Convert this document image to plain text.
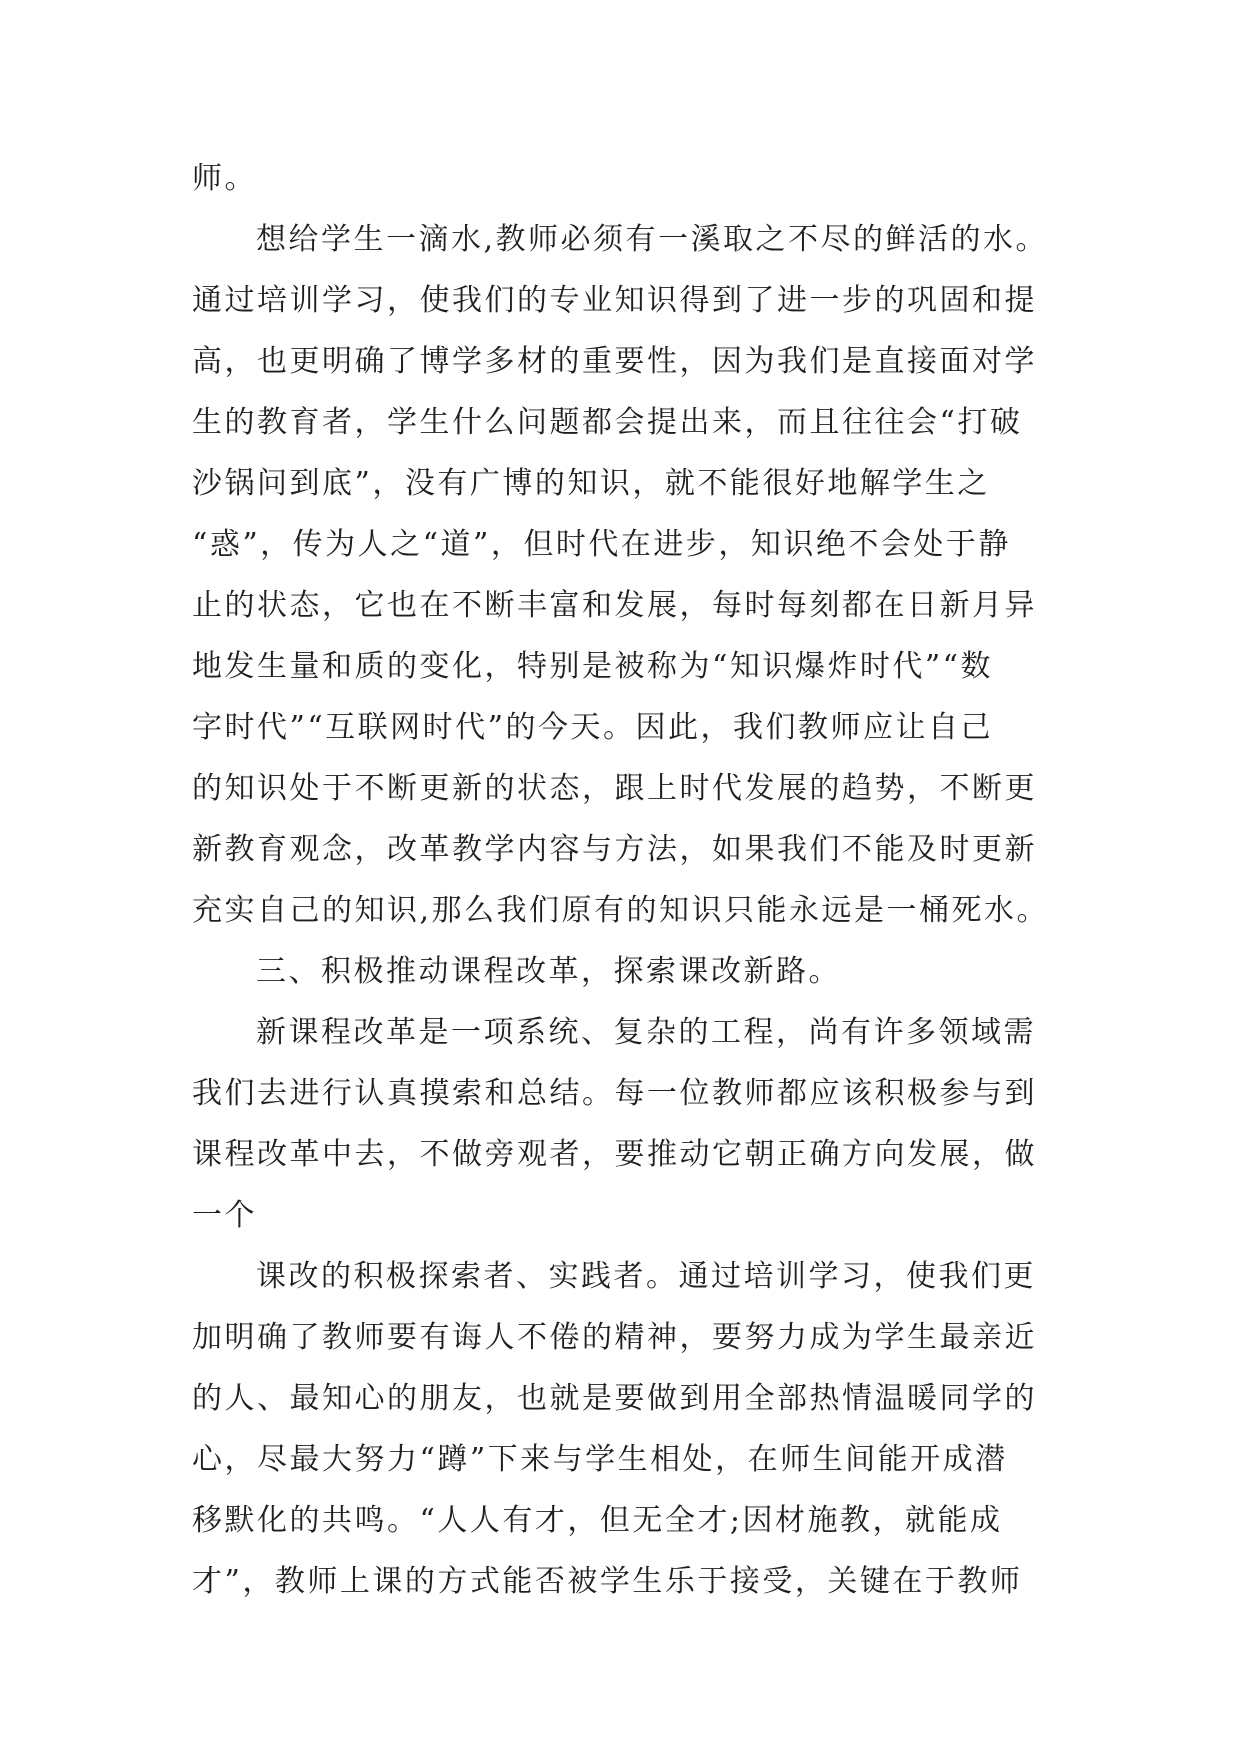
师。
想给学生一滴水,教师必须有一溪取之不尽的鲜活的水。
通过培训学习，使我们的专业知识得到了进一步的巩固和提
高，也更明确了博学多材的重要性，因为我们是直接面对学
生的教育者，学生什么问题都会提出来，而且往往会“打破
沙锅问到底”，没有广博的知识，就不能很好地解学生之
“惑”，传为人之“道”，但时代在进步，知识绝不会处于静
止的状态，它也在不断丰富和发展，每时每刻都在日新月异
地发生量和质的变化，特别是被称为“知识爆炸时代”“数
字时代”“互联网时代”的今天。因此，我们教师应让自己
的知识处于不断更新的状态，跟上时代发展的趋势，不断更
新教育观念，改革教学内容与方法，如果我们不能及时更新
充实自己的知识,那么我们原有的知识只能永远是一桶死水。
三、积极推动课程改革，探索课改新路。
新课程改革是一项系统、复杂的工程，尚有许多领域需
我们去进行认真摸索和总结。每一位教师都应该积极参与到
课程改革中去，不做旁观者，要推动它朝正确方向发展，做
一个
课改的积极探索者、实践者。通过培训学习，使我们更
加明确了教师要有诲人不倦的精神，要努力成为学生最亲近
的人、最知心的朋友，也就是要做到用全部热情温暖同学的
心，尽最大努力“蹲”下来与学生相处，在师生间能开成潜
移默化的共鸣。“人人有才，但无全才;因材施教，就能成
才”，教师上课的方式能否被学生乐于接受，关键在于教师
